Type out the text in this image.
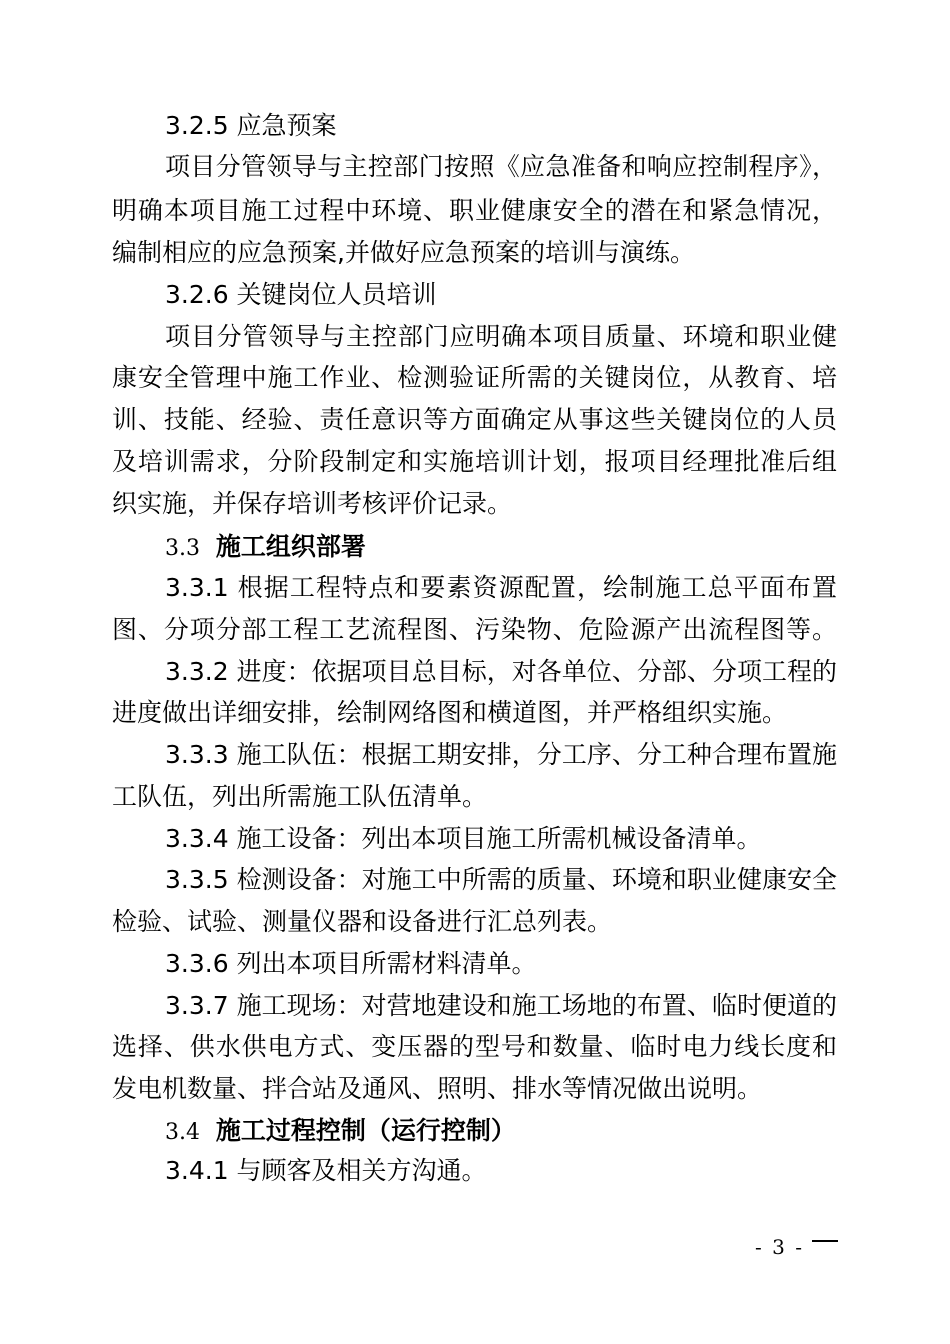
3.2.5 应急预案
项目分管领导与主控部门按照《应急准备和响应控制程序》，
明确本项目施工过程中环境、职业健康安全的潜在和紧急情况，
编制相应的应急预案,并做好应急预案的培训与演练。
3.2.6 关键岗位人员培训
项目分管领导与主控部门应明确本项目质量、环境和职业健
康安全管理中施工作业、检测验证所需的关键岗位，从教育、培
训、技能、经验、责任意识等方面确定从事这些关键岗位的人员
及培训需求，分阶段制定和实施培训计划，报项目经理批准后组
织实施，并保存培训考核评价记录。
3.3 施工组织部署
3.3.1 根据工程特点和要素资源配置，绘制施工总平面布置
图、分项分部工程工艺流程图、污染物、危险源产出流程图等。
3.3.2 进度：依据项目总目标，对各单位、分部、分项工程的
进度做出详细安排，绘制网络图和横道图，并严格组织实施。
3.3.3 施工队伍：根据工期安排，分工序、分工种合理布置施
工队伍，列出所需施工队伍清单。
3.3.4 施工设备：列出本项目施工所需机械设备清单。
3.3.5 检测设备：对施工中所需的质量、环境和职业健康安全
检验、试验、测量仪器和设备进行汇总列表。
3.3.6 列出本项目所需材料清单。
3.3.7 施工现场：对营地建设和施工场地的布置、临时便道的
选择、供水供电方式、变压器的型号和数量、临时电力线长度和
发电机数量、拌合站及通风、照明、排水等情况做出说明。
3.4 施工过程控制（运行控制）
3.4.1 与顾客及相关方沟通。
- 3 -
